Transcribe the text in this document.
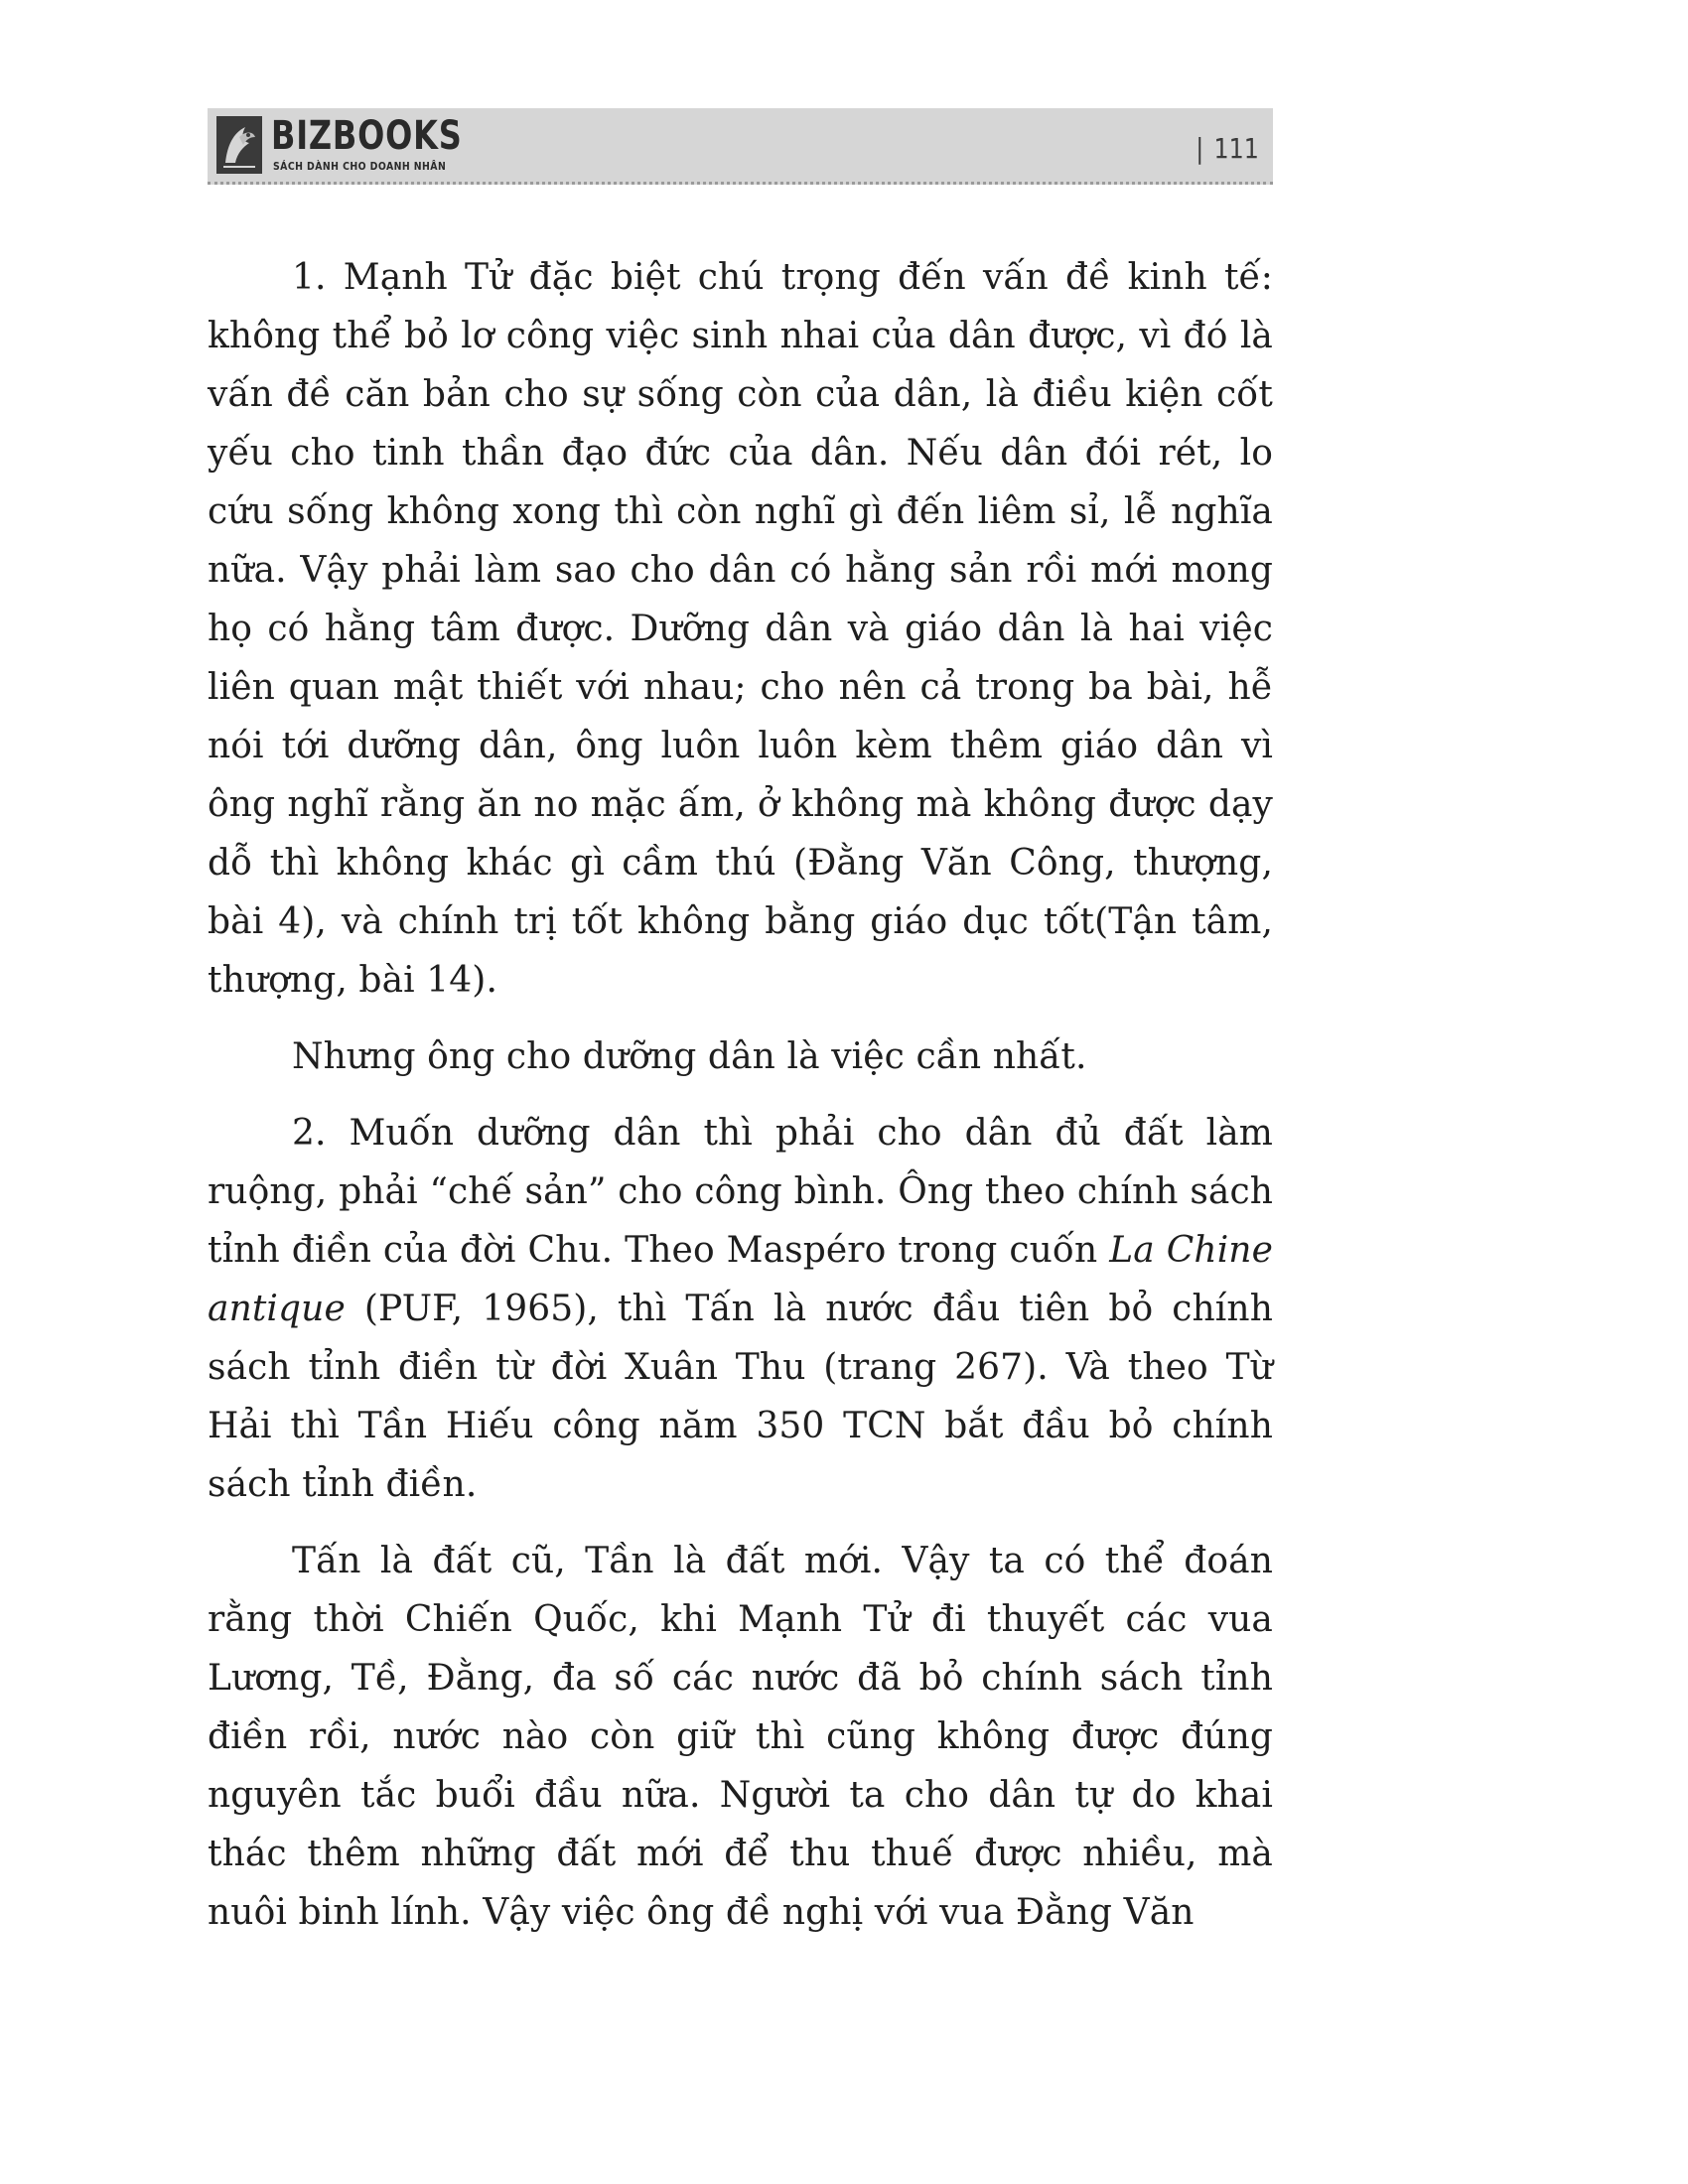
BIZBOOKS
SÁCH DÀNH CHO DOANH NHÂN
| 111

1. Mạnh Tử đặc biệt chú trọng đến vấn đề kinh tế: không thể bỏ lơ công việc sinh nhai của dân được, vì đó là vấn đề căn bản cho sự sống còn của dân, là điều kiện cốt yếu cho tinh thần đạo đức của dân. Nếu dân đói rét, lo cứu sống không xong thì còn nghĩ gì đến liêm sỉ, lễ nghĩa nữa. Vậy phải làm sao cho dân có hằng sản rồi mới mong họ có hằng tâm được. Dưỡng dân và giáo dân là hai việc liên quan mật thiết với nhau; cho nên cả trong ba bài, hễ nói tới dưỡng dân, ông luôn luôn kèm thêm giáo dân vì ông nghĩ rằng ăn no mặc ấm, ở không mà không được dạy dỗ thì không khác gì cầm thú (Đằng Văn Công, thượng, bài 4), và chính trị tốt không bằng giáo dục tốt(Tận tâm, thượng, bài 14).

Nhưng ông cho dưỡng dân là việc cần nhất.

2. Muốn dưỡng dân thì phải cho dân đủ đất làm ruộng, phải “chế sản” cho công bình. Ông theo chính sách tỉnh điền của đời Chu. Theo Maspéro trong cuốn La Chine antique (PUF, 1965), thì Tấn là nước đầu tiên bỏ chính sách tỉnh điền từ đời Xuân Thu (trang 267). Và theo Từ Hải thì Tần Hiếu công năm 350 TCN bắt đầu bỏ chính sách tỉnh điền.

Tấn là đất cũ, Tần là đất mới. Vậy ta có thể đoán rằng thời Chiến Quốc, khi Mạnh Tử đi thuyết các vua Lương, Tề, Đằng, đa số các nước đã bỏ chính sách tỉnh điền rồi, nước nào còn giữ thì cũng không được đúng nguyên tắc buổi đầu nữa. Người ta cho dân tự do khai thác thêm những đất mới để thu thuế được nhiều, mà nuôi binh lính. Vậy việc ông đề nghị với vua Đằng Văn
